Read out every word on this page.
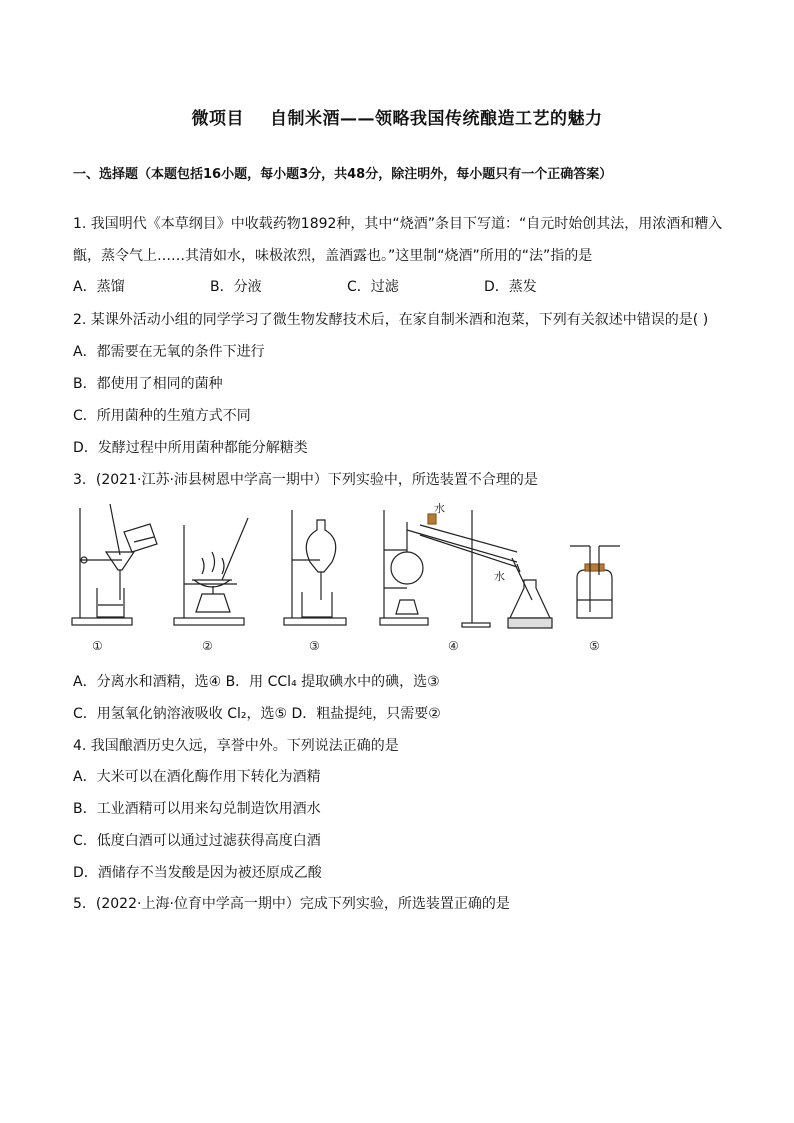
微项目 自制米酒——领略我国传统酿造工艺的魅力
一、选择题（本题包括16小题，每小题3分，共48分，除注明外，每小题只有一个正确答案）
1. 我国明代《本草纲目》中收载药物1892种，其中“烧酒”条目下写道：“自元时始创其法，用浓酒和糟入
甑，蒸令气上……其清如水，味极浓烈，盖酒露也。”这里制“烧酒”所用的“法”指的是
A．蒸馏	B．分液	C．过滤	D．蒸发
2. 某课外活动小组的同学学习了微生物发酵技术后，在家自制米酒和泡菜，下列有关叙述中错误的是( )
A．都需要在无氧的条件下进行
B．都使用了相同的菌种
C．所用菌种的生殖方式不同
D．发酵过程中所用菌种都能分解糖类
3．(2021·江苏·沛县树恩中学高一期中）下列实验中，所选装置不合理的是
水
水
①	②	③	④	⑤
A．分离水和酒精，选④ B．用 CCl₄ 提取碘水中的碘，选③
C．用氢氧化钠溶液吸收 Cl₂，选⑤ D．粗盐提纯，只需要②
4. 我国酿酒历史久远，享誉中外。下列说法正确的是
A．大米可以在酒化酶作用下转化为酒精
B．工业酒精可以用来勾兑制造饮用酒水
C．低度白酒可以通过过滤获得高度白酒
D．酒储存不当发酸是因为被还原成乙酸
5．(2022·上海·位育中学高一期中）完成下列实验，所选装置正确的是
